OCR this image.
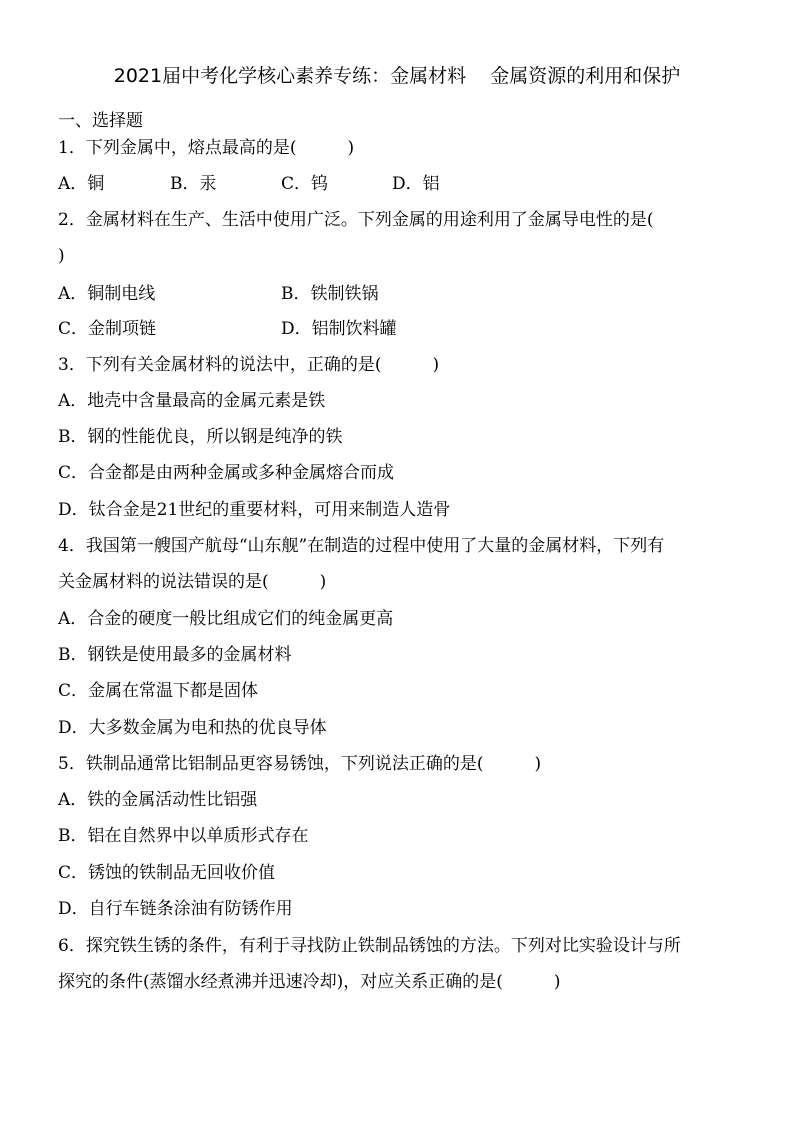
2021届中考化学核心素养专练：金属材料    金属资源的利用和保护
一、选择题
1．下列金属中，熔点最高的是(　　　)
A．铜	B．汞	C．钨	D．铝
2．金属材料在生产、生活中使用广泛。下列金属的用途利用了金属导电性的是(
)
A．铜制电线	B．铁制铁锅
C．金制项链	D．铝制饮料罐
3．下列有关金属材料的说法中，正确的是(　　　)
A．地壳中含量最高的金属元素是铁
B．钢的性能优良，所以钢是纯净的铁
C．合金都是由两种金属或多种金属熔合而成
D．钛合金是21世纪的重要材料，可用来制造人造骨
4．我国第一艘国产航母“山东舰”在制造的过程中使用了大量的金属材料，下列有
关金属材料的说法错误的是(　　　)
A．合金的硬度一般比组成它们的纯金属更高
B．钢铁是使用最多的金属材料
C．金属在常温下都是固体
D．大多数金属为电和热的优良导体
5．铁制品通常比铝制品更容易锈蚀，下列说法正确的是(　　　)
A．铁的金属活动性比铝强
B．铝在自然界中以单质形式存在
C．锈蚀的铁制品无回收价值
D．自行车链条涂油有防锈作用
6．探究铁生锈的条件，有利于寻找防止铁制品锈蚀的方法。下列对比实验设计与所
探究的条件(蒸馏水经煮沸并迅速冷却)，对应关系正确的是(　　　)
